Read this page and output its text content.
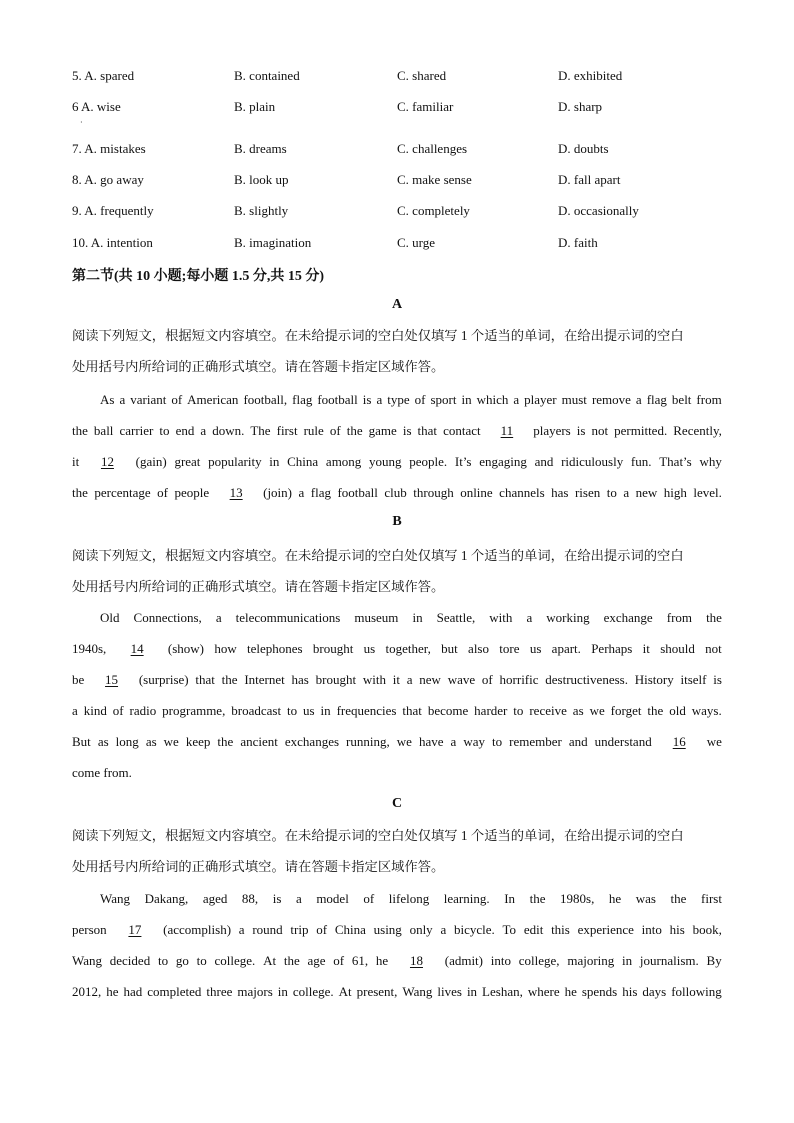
5. A. spared	B. contained	C. shared	D. exhibited
6 A. wise	B. plain	C. familiar	D. sharp
·
7. A. mistakes	B. dreams	C. challenges	D. doubts
8. A. go away	B. look up	C. make sense	D. fall apart
9. A. frequently	B. slightly	C. completely	D. occasionally
10. A. intention	B. imagination	C. urge	D. faith
第二节(共 10 小题;每小题 1.5 分,共 15 分)
A

阅读下列短文，根据短文内容填空。在未给提示词的空白处仅填写 1 个适当的单词，在给出提示词的空白

处用括号内所给词的正确形式填空。请在答题卡指定区域作答。

As a variant of American football, flag football is a type of sport in which a player must remove a flag belt from
the ball carrier to end a down. The first rule of the game is that contact	11	players is not permitted. Recently,
it	12	(gain) great popularity in China among young people. It’s engaging and ridiculously fun. That’s why
the percentage of people	13	(join) a flag football club through online channels has risen to a new high level.
B

阅读下列短文，根据短文内容填空。在未给提示词的空白处仅填写 1 个适当的单词，在给出提示词的空白

处用括号内所给词的正确形式填空。请在答题卡指定区域作答。

Old Connections, a telecommunications museum in Seattle, with a working exchange from the
1940s,	14	(show) how telephones brought us together, but also tore us apart. Perhaps it should not
be	15	(surprise) that the Internet has brought with it a new wave of horrific destructiveness. History itself is
a kind of radio programme, broadcast to us in frequencies that become harder to receive as we forget the old ways.
But as long as we keep the ancient exchanges running, we have a way to remember and understand	16	we
come from.
C

阅读下列短文，根据短文内容填空。在未给提示词的空白处仅填写 1 个适当的单词，在给出提示词的空白

处用括号内所给词的正确形式填空。请在答题卡指定区域作答。

Wang Dakang, aged 88, is a model of lifelong learning. In the 1980s, he was the first
person	17	(accomplish) a round trip of China using only a bicycle. To edit this experience into his book,
Wang decided to go to college. At the age of 61, he	18	(admit) into college, majoring in journalism. By
2012, he had completed three majors in college. At present, Wang lives in Leshan, where he spends his days following
